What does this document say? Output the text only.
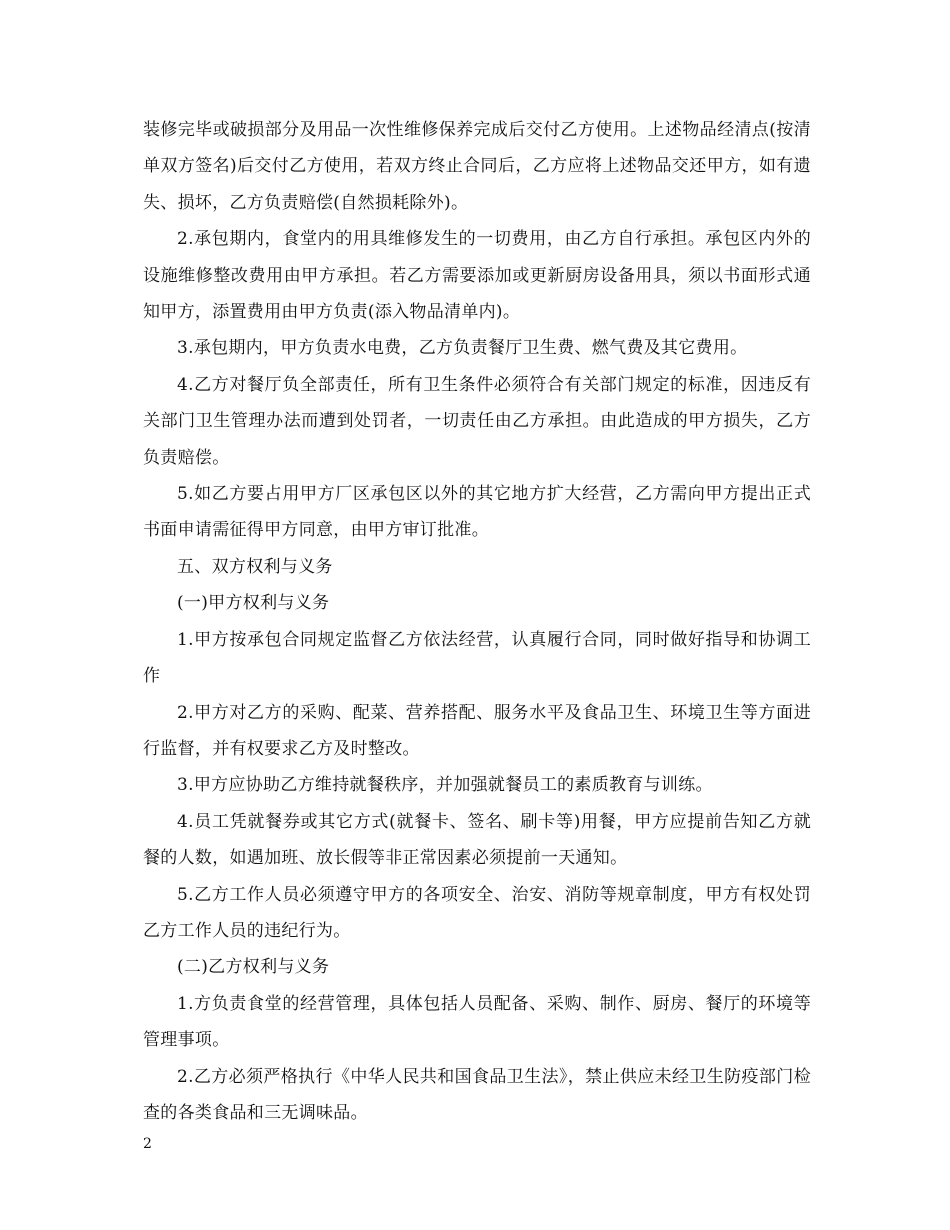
装修完毕或破损部分及用品一次性维修保养完成后交付乙方使用。上述物品经清点(按清单双方签名)后交付乙方使用，若双方终止合同后，乙方应将上述物品交还甲方，如有遗失、损坏，乙方负责赔偿(自然损耗除外)。

2.承包期内，食堂内的用具维修发生的一切费用，由乙方自行承担。承包区内外的设施维修整改费用由甲方承担。若乙方需要添加或更新厨房设备用具，须以书面形式通知甲方，添置费用由甲方负责(添入物品清单内)。

3.承包期内，甲方负责水电费，乙方负责餐厅卫生费、燃气费及其它费用。

4.乙方对餐厅负全部责任，所有卫生条件必须符合有关部门规定的标准，因违反有关部门卫生管理办法而遭到处罚者，一切责任由乙方承担。由此造成的甲方损失，乙方负责赔偿。

5.如乙方要占用甲方厂区承包区以外的其它地方扩大经营，乙方需向甲方提出正式书面申请需征得甲方同意，由甲方审订批准。

五、双方权利与义务

(一)甲方权利与义务

1.甲方按承包合同规定监督乙方依法经营，认真履行合同，同时做好指导和协调工作

2.甲方对乙方的采购、配菜、营养搭配、服务水平及食品卫生、环境卫生等方面进行监督，并有权要求乙方及时整改。

3.甲方应协助乙方维持就餐秩序，并加强就餐员工的素质教育与训练。

4.员工凭就餐券或其它方式(就餐卡、签名、刷卡等)用餐，甲方应提前告知乙方就餐的人数，如遇加班、放长假等非正常因素必须提前一天通知。

5.乙方工作人员必须遵守甲方的各项安全、治安、消防等规章制度，甲方有权处罚乙方工作人员的违纪行为。

(二)乙方权利与义务

1.方负责食堂的经营管理，具体包括人员配备、采购、制作、厨房、餐厅的环境等管理事项。

2.乙方必须严格执行《中华人民共和国食品卫生法》，禁止供应未经卫生防疫部门检查的各类食品和三无调味品。

2
